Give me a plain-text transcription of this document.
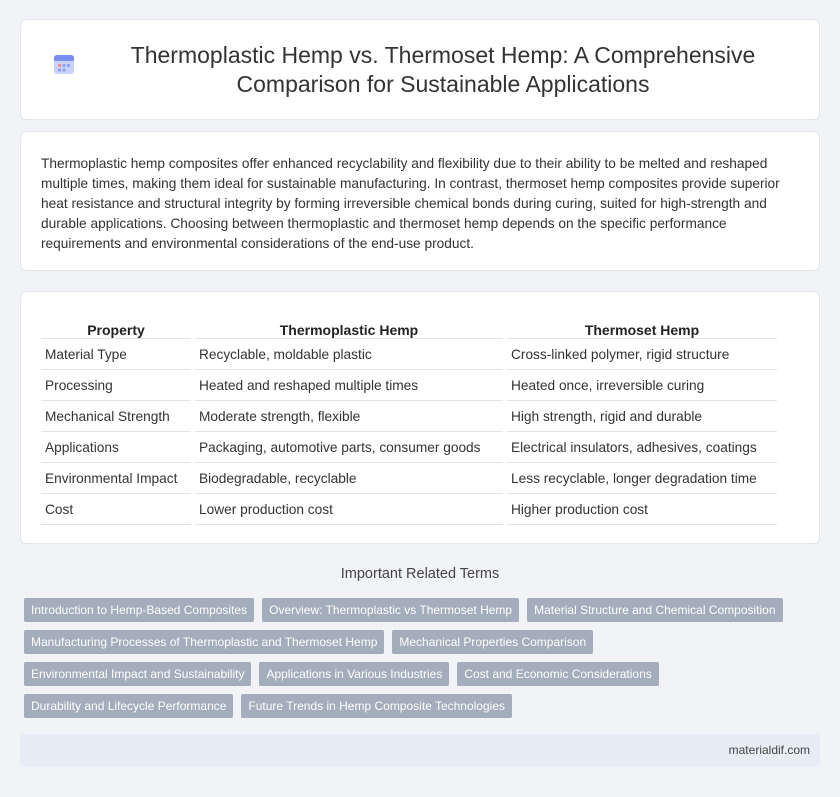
Thermoplastic Hemp vs. Thermoset Hemp: A Comprehensive Comparison for Sustainable Applications

Thermoplastic hemp composites offer enhanced recyclability and flexibility due to their ability to be melted and reshaped multiple times, making them ideal for sustainable manufacturing. In contrast, thermoset hemp composites provide superior heat resistance and structural integrity by forming irreversible chemical bonds during curing, suited for high-strength and durable applications. Choosing between thermoplastic and thermoset hemp depends on the specific performance requirements and environmental considerations of the end-use product.

Property	Thermoplastic Hemp	Thermoset Hemp
Material Type	Recyclable, moldable plastic	Cross-linked polymer, rigid structure
Processing	Heated and reshaped multiple times	Heated once, irreversible curing
Mechanical Strength	Moderate strength, flexible	High strength, rigid and durable
Applications	Packaging, automotive parts, consumer goods	Electrical insulators, adhesives, coatings
Environmental Impact	Biodegradable, recyclable	Less recyclable, longer degradation time
Cost	Lower production cost	Higher production cost
Important Related Terms
Introduction to Hemp-Based Composites	Overview: Thermoplastic vs Thermoset Hemp	Material Structure and Chemical Composition
Manufacturing Processes of Thermoplastic and Thermoset Hemp	Mechanical Properties Comparison
Environmental Impact and Sustainability	Applications in Various Industries	Cost and Economic Considerations
Durability and Lifecycle Performance	Future Trends in Hemp Composite Technologies
materialdif.com
